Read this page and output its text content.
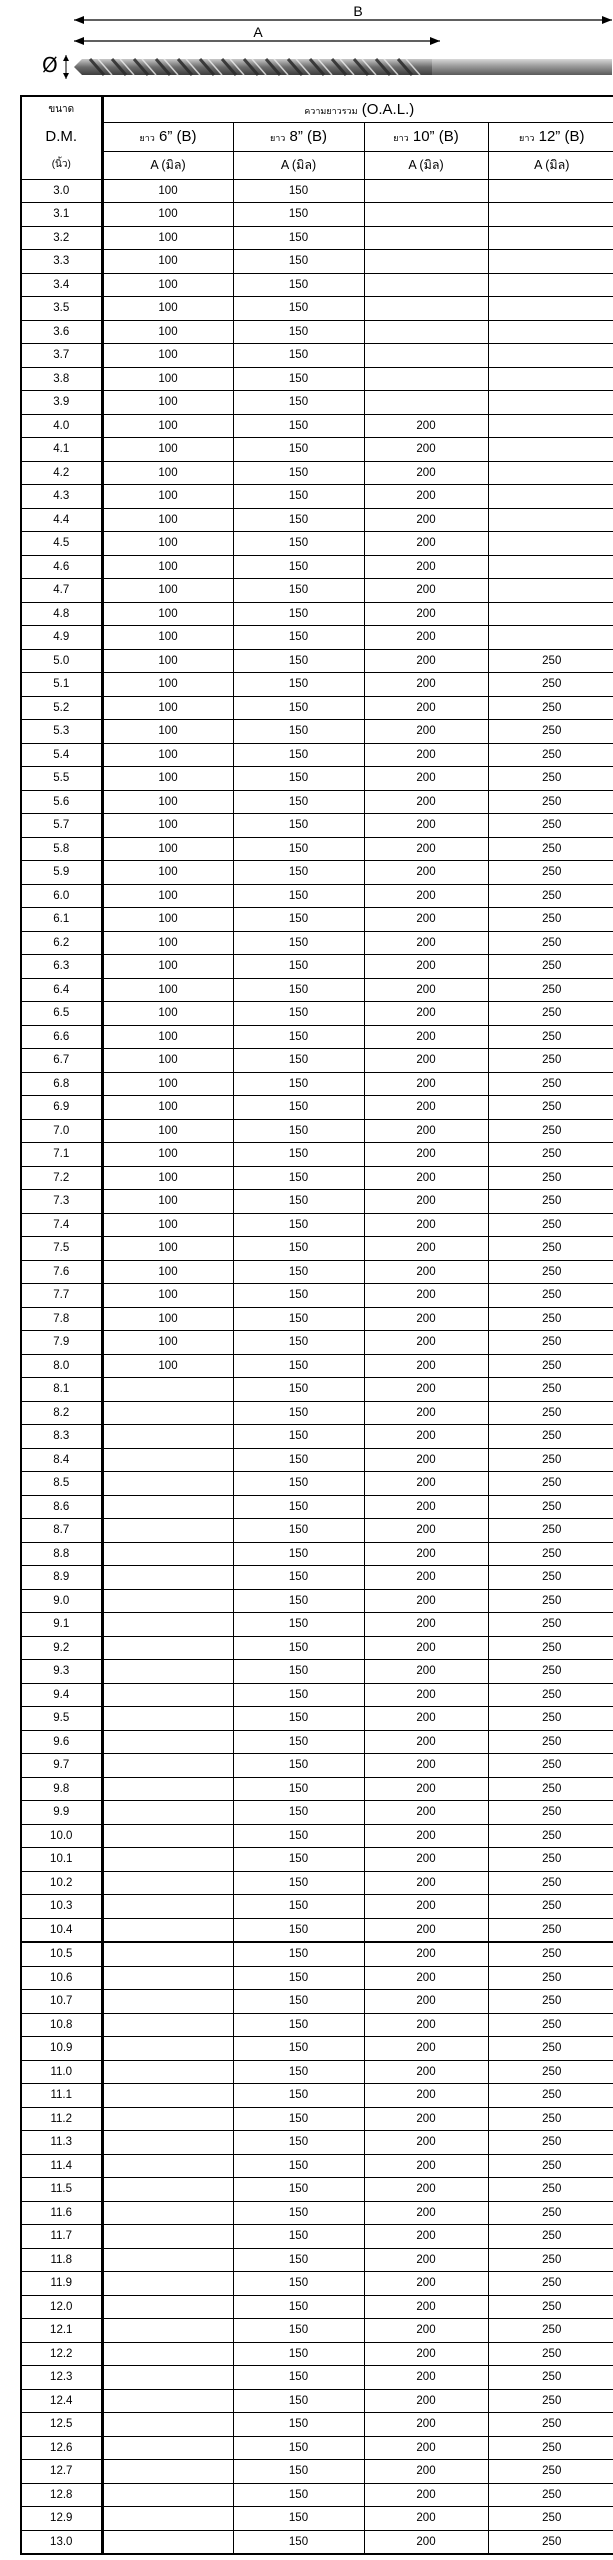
B
A
Ø
ขนาด	ความยาวรวม (O.A.L.)			
D.M.	ยาว 6” (B)	ยาว 8” (B)	ยาว 10” (B)	ยาว 12” (B)
(นิ้ว)	A (มิล)	A (มิล)	A (มิล)	A (มิล)
3.0	100	150		
3.1	100	150		
3.2	100	150		
3.3	100	150		
3.4	100	150		
3.5	100	150		
3.6	100	150		
3.7	100	150		
3.8	100	150		
3.9	100	150		
4.0	100	150	200	
4.1	100	150	200	
4.2	100	150	200	
4.3	100	150	200	
4.4	100	150	200	
4.5	100	150	200	
4.6	100	150	200	
4.7	100	150	200	
4.8	100	150	200	
4.9	100	150	200	
5.0	100	150	200	250
5.1	100	150	200	250
5.2	100	150	200	250
5.3	100	150	200	250
5.4	100	150	200	250
5.5	100	150	200	250
5.6	100	150	200	250
5.7	100	150	200	250
5.8	100	150	200	250
5.9	100	150	200	250
6.0	100	150	200	250
6.1	100	150	200	250
6.2	100	150	200	250
6.3	100	150	200	250
6.4	100	150	200	250
6.5	100	150	200	250
6.6	100	150	200	250
6.7	100	150	200	250
6.8	100	150	200	250
6.9	100	150	200	250
7.0	100	150	200	250
7.1	100	150	200	250
7.2	100	150	200	250
7.3	100	150	200	250
7.4	100	150	200	250
7.5	100	150	200	250
7.6	100	150	200	250
7.7	100	150	200	250
7.8	100	150	200	250
7.9	100	150	200	250
8.0	100	150	200	250
8.1		150	200	250
8.2		150	200	250
8.3		150	200	250
8.4		150	200	250
8.5		150	200	250
8.6		150	200	250
8.7		150	200	250
8.8		150	200	250
8.9		150	200	250
9.0		150	200	250
9.1		150	200	250
9.2		150	200	250
9.3		150	200	250
9.4		150	200	250
9.5		150	200	250
9.6		150	200	250
9.7		150	200	250
9.8		150	200	250
9.9		150	200	250
10.0		150	200	250
10.1		150	200	250
10.2		150	200	250
10.3		150	200	250
10.4		150	200	250
10.5		150	200	250
10.6		150	200	250
10.7		150	200	250
10.8		150	200	250
10.9		150	200	250
11.0		150	200	250
11.1		150	200	250
11.2		150	200	250
11.3		150	200	250
11.4		150	200	250
11.5		150	200	250
11.6		150	200	250
11.7		150	200	250
11.8		150	200	250
11.9		150	200	250
12.0		150	200	250
12.1		150	200	250
12.2		150	200	250
12.3		150	200	250
12.4		150	200	250
12.5		150	200	250
12.6		150	200	250
12.7		150	200	250
12.8		150	200	250
12.9		150	200	250
13.0		150	200	250
